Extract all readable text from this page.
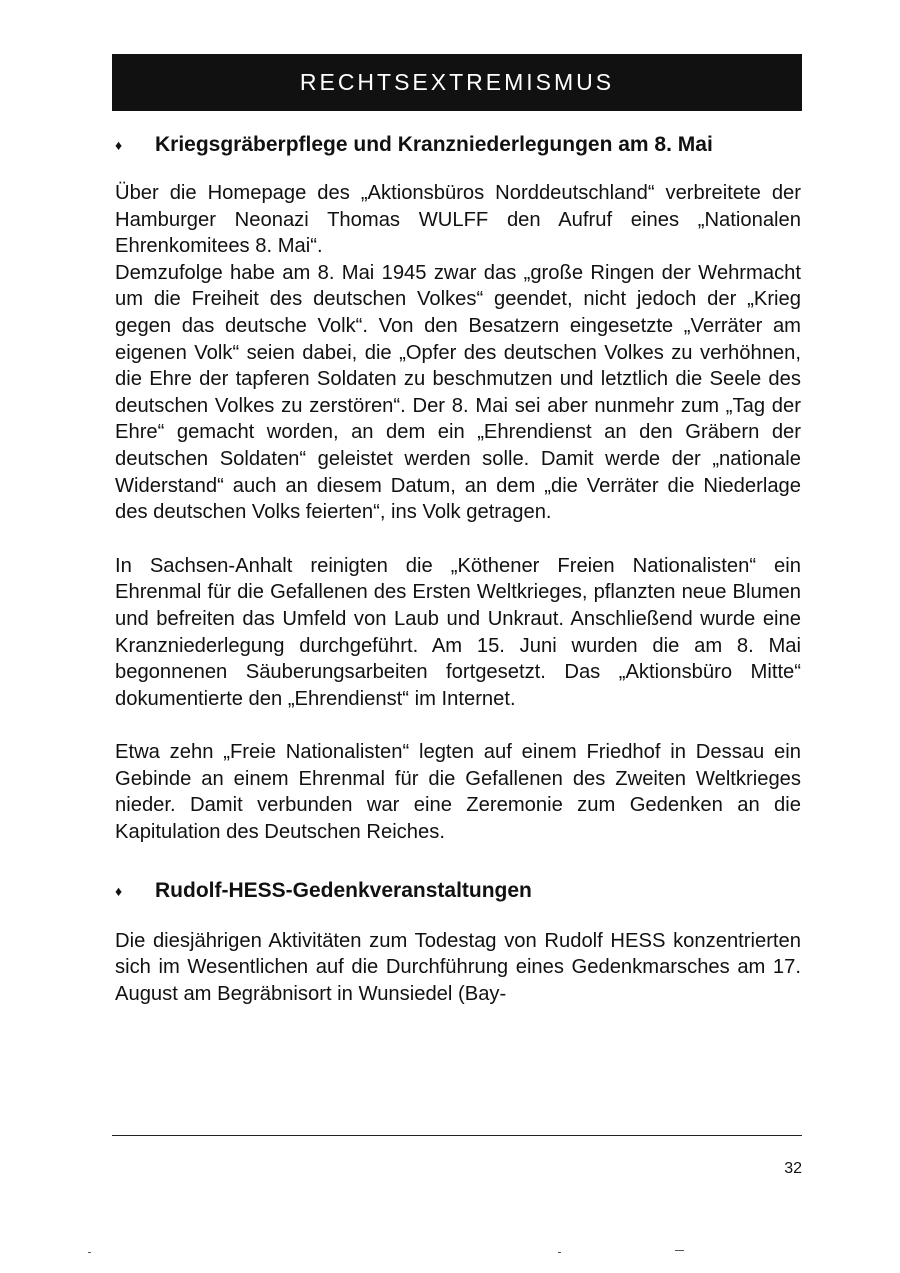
RECHTSEXTREMISMUS
♦	Kriegsgräberpflege und Kranzniederlegungen am 8. Mai

Über die Homepage des „Aktionsbüros Norddeutschland“ verbreitete der Hamburger Neonazi Thomas WULFF den Aufruf eines „Nationalen Ehrenkomitees 8. Mai“.

Demzufolge habe am 8. Mai 1945 zwar das „große Ringen der Wehrmacht um die Freiheit des deutschen Volkes“ geendet, nicht jedoch der „Krieg gegen das deutsche Volk“. Von den Besatzern eingesetzte „Verräter am eigenen Volk“ seien dabei, die „Opfer des deutschen Volkes zu verhöhnen, die Ehre der tapferen Soldaten zu beschmutzen und letztlich die Seele des deutschen Volkes zu zerstören“. Der 8. Mai sei aber nunmehr zum „Tag der Ehre“ gemacht worden, an dem ein „Ehrendienst an den Gräbern der deutschen Soldaten“ geleistet werden solle. Damit werde der „nationale Widerstand“ auch an diesem Datum, an dem „die Verräter die Niederlage des deutschen Volks feierten“, ins Volk getragen.

In Sachsen-Anhalt reinigten die „Köthener Freien Nationalisten“ ein Ehrenmal für die Gefallenen des Ersten Weltkrieges, pflanzten neue Blumen und befreiten das Umfeld von Laub und Unkraut. Anschließend wurde eine Kranzniederlegung durchgeführt. Am 15. Juni wurden die am 8. Mai begonnenen Säuberungsarbeiten fortgesetzt. Das „Aktionsbüro Mitte“ dokumentierte den „Ehrendienst“ im Internet.

Etwa zehn „Freie Nationalisten“ legten auf einem Friedhof in Dessau ein Gebinde an einem Ehrenmal für die Gefallenen des Zweiten Weltkrieges nieder. Damit verbunden war eine Zeremonie zum Gedenken an die Kapitulation des Deutschen Reiches.

♦	Rudolf-HESS-Gedenkveranstaltungen

Die diesjährigen Aktivitäten zum Todestag von Rudolf HESS konzentrierten sich im Wesentlichen auf die Durchführung eines Gedenkmarsches am 17. August am Begräbnisort in Wunsiedel (Bay-

32
